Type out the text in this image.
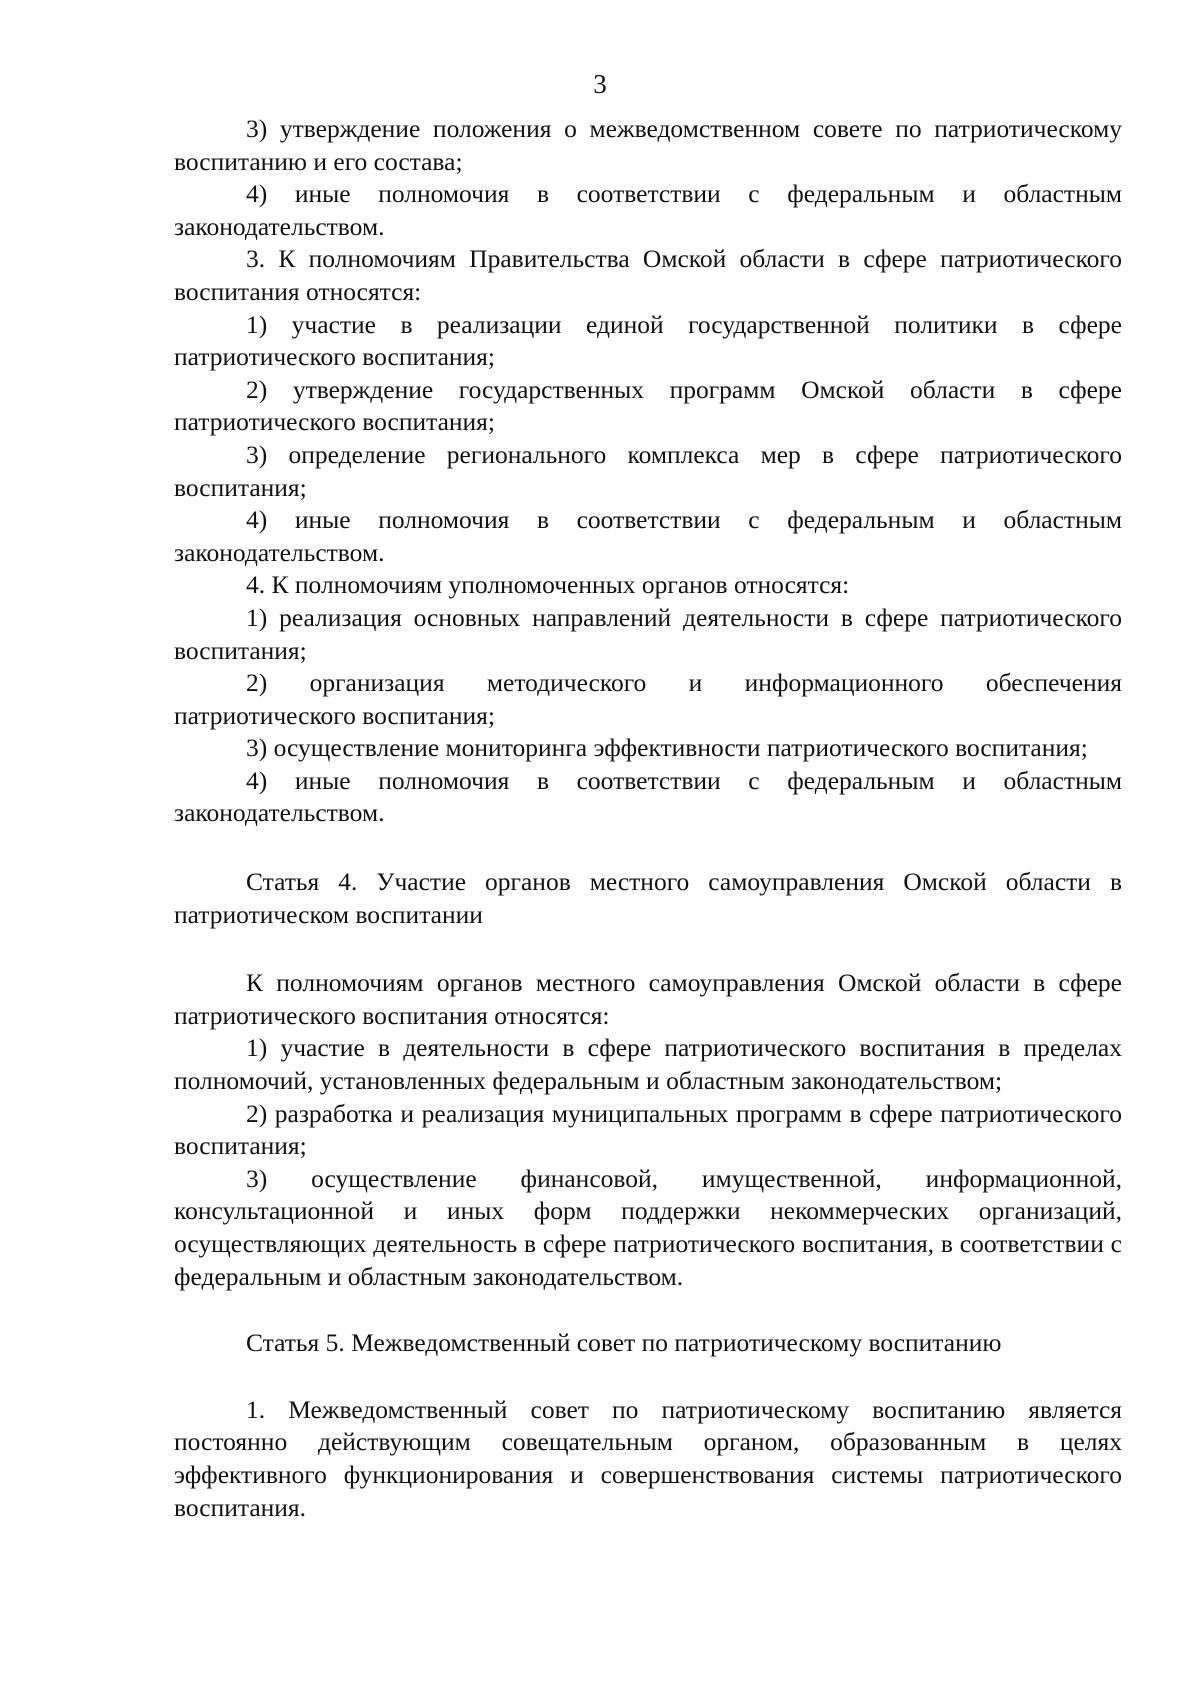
3

3) утверждение положения о межведомственном совете по патриотическому воспитанию и его состава;

4) иные полномочия в соответствии с федеральным и областным законодательством.

3. К полномочиям Правительства Омской области в сфере патриотического воспитания относятся:

1) участие в реализации единой государственной политики в сфере патриотического воспитания;

2) утверждение государственных программ Омской области в сфере патриотического воспитания;

3) определение регионального комплекса мер в сфере патриотического воспитания;

4) иные полномочия в соответствии с федеральным и областным законодательством.

4. К полномочиям уполномоченных органов относятся:

1) реализация основных направлений деятельности в сфере патриотического воспитания;

2) организация методического и информационного обеспечения патриотического воспитания;

3) осуществление мониторинга эффективности патриотического воспитания;

4) иные полномочия в соответствии с федеральным и областным законодательством.

Статья 4. Участие органов местного самоуправления Омской области в патриотическом воспитании

К полномочиям органов местного самоуправления Омской области в сфере патриотического воспитания относятся:

1) участие в деятельности в сфере патриотического воспитания в пределах полномочий, установленных федеральным и областным законодательством;

2) разработка и реализация муниципальных программ в сфере патриотического воспитания;

3) осуществление финансовой, имущественной, информационной, консультационной и иных форм поддержки некоммерческих организаций, осуществляющих деятельность в сфере патриотического воспитания, в соответствии с федеральным и областным законодательством.

Статья 5. Межведомственный совет по патриотическому воспитанию

1. Межведомственный совет по патриотическому воспитанию является постоянно действующим совещательным органом, образованным в целях эффективного функционирования и совершенствования системы патриотического воспитания.
